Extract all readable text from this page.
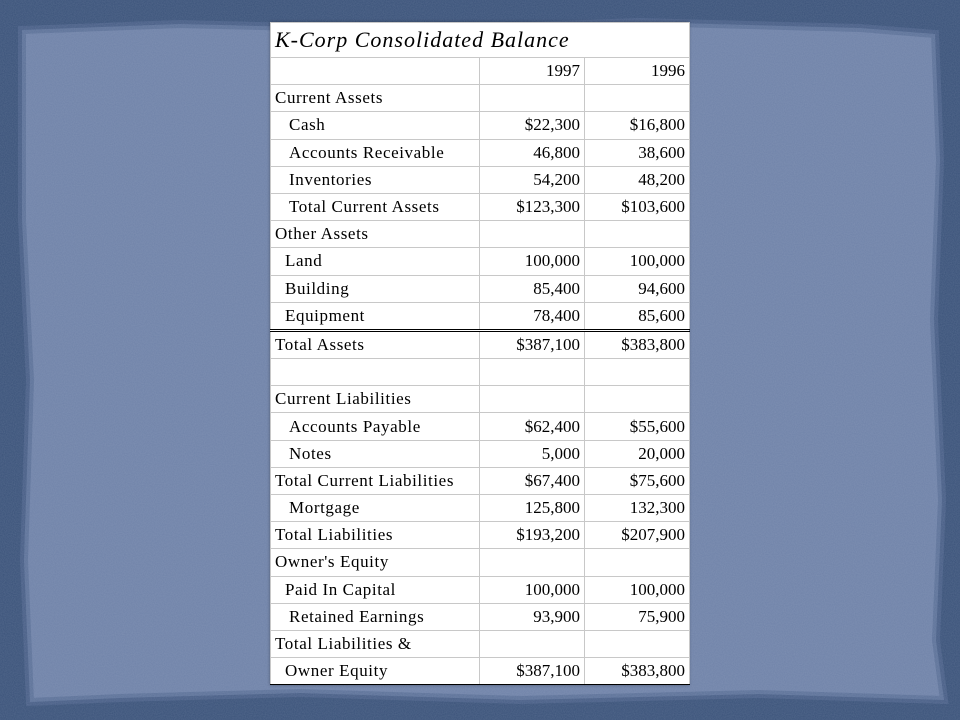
K-Corp Consolidated Balance		
	1997	1996
Current Assets		
Cash	$22,300	$16,800
Accounts Receivable	46,800	38,600
Inventories	54,200	48,200
Total Current Assets	$123,300	$103,600
Other Assets		
Land	100,000	100,000
Building	85,400	94,600
Equipment	78,400	85,600
Total Assets	$387,100	$383,800

Current Liabilities		
Accounts Payable	$62,400	$55,600
Notes	5,000	20,000
Total Current Liabilities	$67,400	$75,600
Mortgage	125,800	132,300
Total Liabilities	$193,200	$207,900
Owner's Equity		
Paid In Capital	100,000	100,000
Retained Earnings	93,900	75,900
Total Liabilities &		
Owner Equity	$387,100	$383,800
